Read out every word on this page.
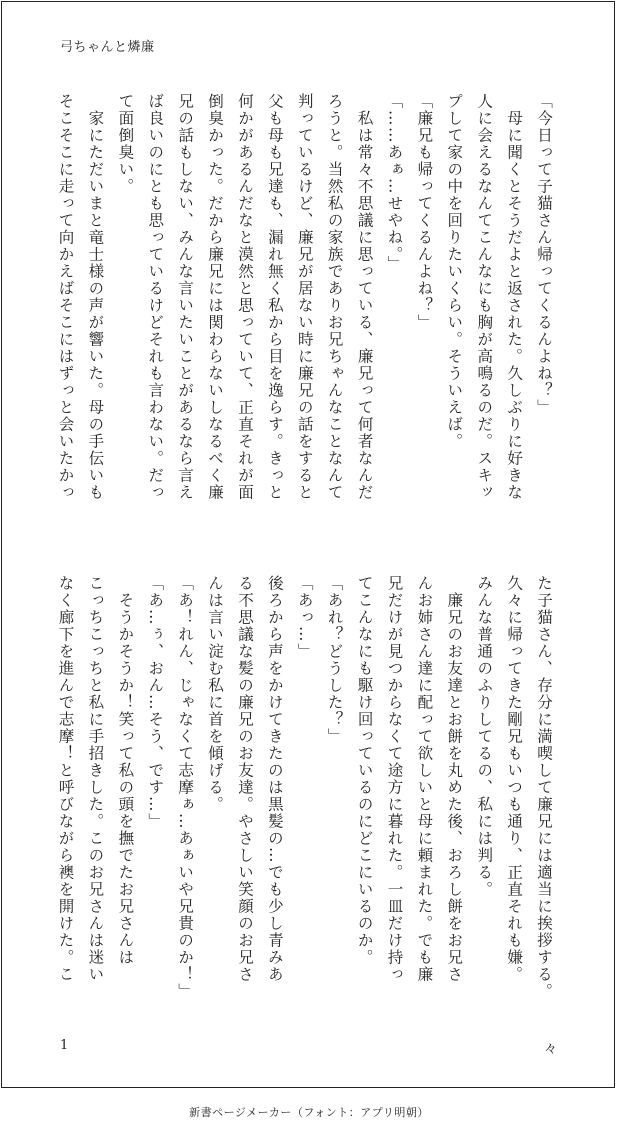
弓ちゃんと燐廉
「今日って子猫さん帰ってくるんよね？」
　母に聞くとそうだよと返された。久しぶりに好きな
人に会えるなんてこんなにも胸が高鳴るのだ。スキッ
プして家の中を回りたいくらい。そういえば。
「廉兄も帰ってくるんよね？」
「……あぁ…せやね。」
　私は常々不思議に思っている、廉兄って何者なんだ
ろうと。当然私の家族でありお兄ちゃんなことなんて
判っているけど、廉兄が居ない時に廉兄の話をすると
父も母も兄達も、漏れ無く私から目を逸らす。きっと
何かがあるんだなと漠然と思っていて、正直それが面
倒臭かった。だから廉兄には関わらないしなるべく廉
兄の話もしない、みんな言いたいことがあるなら言え
ば良いのにとも思っているけどそれも言わない。だっ
て面倒臭い。
　家にただいまと竜士様の声が響いた。母の手伝いも
そこそこに走って向かえばそこにはずっと会いたかっ
た子猫さん、存分に満喫して廉兄には適当に挨拶する。
久々に帰ってきた剛兄もいつも通り、正直それも嫌。
みんな普通のふりしてるの、私には判る。
　廉兄のお友達とお餅を丸めた後、おろし餅をお兄さ
んお姉さん達に配って欲しいと母に頼まれた。でも廉
兄だけが見つからなくて途方に暮れた。一皿だけ持っ
てこんなにも駆け回っているのにどこにいるのか。
「あれ？どうした？」
「あっ…」
後ろから声をかけてきたのは黒髪の…でも少し青みあ
る不思議な髪の廉兄のお友達。やさしい笑顔のお兄さ
んは言い淀む私に首を傾げる。
「あ！れん、じゃなくて志摩ぁ…あぁいや兄貴のか！」
「あ…ぅ、おん…そう、です…」
　そうかそうか！笑って私の頭を撫でたお兄さんは
こっちこっちと私に手招きした。このお兄さんは迷い
なく廊下を進んで志摩！と呼びながら襖を開けた。こ
1	々
新書ページメーカー（フォント：アプリ明朝）
